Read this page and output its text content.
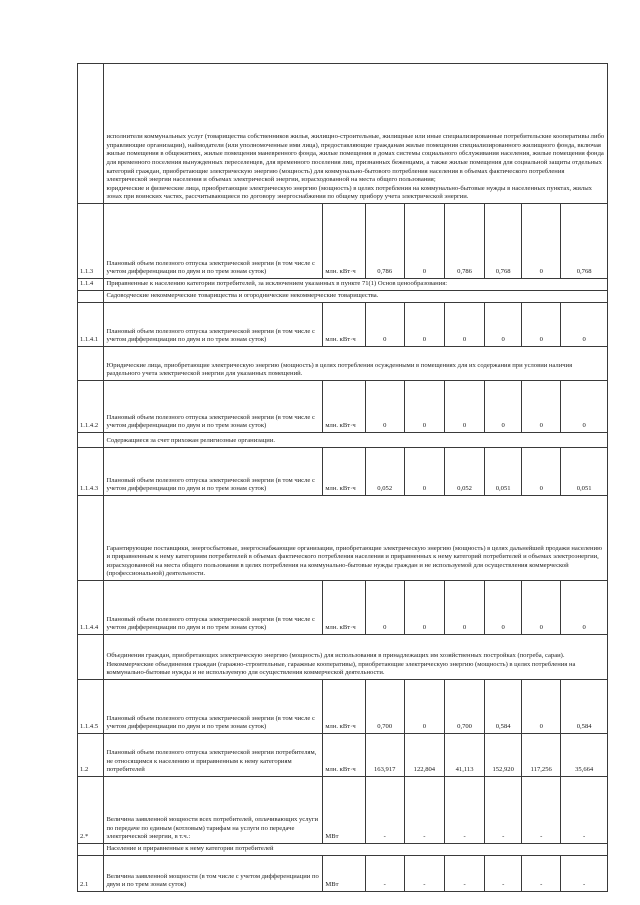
	исполнители коммунальных услуг (товарищества собственников жилья, жилищно-строительные, жилищные или иные специализированные потребительские кооперативы либо управляющие организации), наймодатели (или уполномоченные ими лица), предоставляющие гражданам жилые помещения специализированного жилищного фонда, включая жилые помещения в общежитиях, жилые помещения маневренного фонда, жилые помещения в домах системы социального обслуживания населения, жилые помещения фонда для временного поселения вынужденных переселенцев, для временного поселения лиц, признанных беженцами, а также жилые помещения для социальной защиты отдельных категорий граждан, приобретающие электрическую энергию (мощность) для коммунально-бытового потребления населения в объемах фактического потребления электрической энергии населения и объемах электрической энергии, израсходованной на места общего пользования;

юридические и физические лица, приобретающие электрическую энергию (мощность) в целях потребления на коммунально-бытовые нужды в населенных пунктах, жилых зонах при воинских частях, рассчитывающиеся по договору энергоснабжения по общему прибору учета электрической энергии.							

1.1.3	Плановый объем полезного отпуска электрической энергии (в том числе с учетом дифференциации по двум и по трем зонам суток)	млн. кВт·ч	0,786	0	0,786	0,768	0	0,768
1.1.4	Приравненные к населению категории потребителей, за исключением указанных в пункте 71(1) Основ ценообразования:							
	Садоводческие некоммерческие товарищества и огороднические некоммерческие товарищества.							
1.1.4.1	Плановый объем полезного отпуска электрической энергии (в том числе с учетом дифференциации по двум и по трем зонам суток)	млн. кВт·ч	0	0	0	0	0	0
	Юридические лица, приобретающие электрическую энергию (мощность) в целях потребления осужденными в помещениях для их содержания при условии наличия раздельного учета электрической энергии для указанных помещений.							
1.1.4.2	Плановый объем полезного отпуска электрической энергии (в том числе с учетом дифференциации по двум и по трем зонам суток)	млн. кВт·ч	0	0	0	0	0	0
	Содержащиеся за счет прихожан религиозные организации.							
1.1.4.3	Плановый объем полезного отпуска электрической энергии (в том числе с учетом дифференциации по двум и по трем зонам суток)	млн. кВт·ч	0,052	0	0,052	0,051	0	0,051
	Гарантирующие поставщики, энергосбытовые, энергоснабжающие организации, приобретающие электрическую энергию (мощность) в целях дальнейшей продажи населению и приравненным к нему категориям потребителей в объемах фактического потребления населения и приравненных к нему категорий потребителей и объемах электроэнергии, израсходованной на места общего пользования в целях потребления на коммунально-бытовые нужды граждан и не используемой для осуществления коммерческой (профессиональной) деятельности.							
1.1.4.4	Плановый объем полезного отпуска электрической энергии (в том числе с учетом дифференциации по двум и по трем зонам суток)	млн. кВт·ч	0	0	0	0	0	0
	Объединения граждан, приобретающих электрическую энергию (мощность) для использования в принадлежащих им хозяйственных постройках (погреба, сараи). Некоммерческие объединения граждан (гаражно-строительные, гаражные кооперативы), приобретающие электрическую энергию (мощность) в целях потребления на коммунально-бытовые нужды и не используемую для осуществления коммерческой деятельности.							
1.1.4.5	Плановый объем полезного отпуска электрической энергии (в том числе с учетом дифференциации по двум и по трем зонам суток)	млн. кВт·ч	0,700	0	0,700	0,584	0	0,584
1.2	Плановый объем полезного отпуска электрической энергии потребителям, не относящимся к населению и приравненным к нему категориям потребителей	млн. кВт·ч	163,917	122,804	41,113	152,920	117,256	35,664
2.*	Величина заявленной мощности всех потребителей, оплачивающих услуги по передаче по единым (котловым) тарифам на услуги по передаче электрической энергии, в т.ч.:	МВт	-	-	-	-	-	-
	Население и приравненные к нему категории потребителей							
2.1	Величина заявленной мощности (в том числе с учетом дифференциации по двум и по трем зонам суток)	МВт	-	-	-	-	-	-
